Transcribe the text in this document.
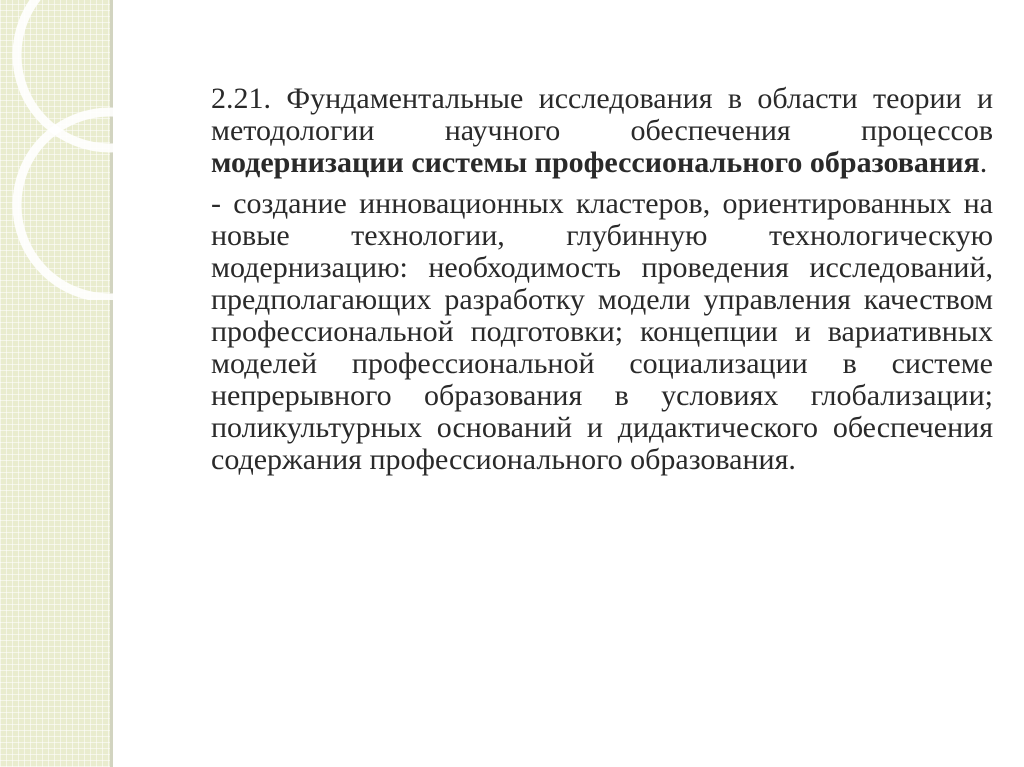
2.21. Фундаментальные исследования в области теории и методологии научного обеспечения процессов модернизации системы профессионального образования.

- создание инновационных кластеров, ориентированных на новые технологии, глубинную технологическую модернизацию: необходимость проведения исследований, предполагающих разработку модели управления качеством профессиональной подготовки; концепции и вариативных моделей профессиональной социализации в системе непрерывного образования в условиях глобализации; поликультурных оснований и дидактического обеспечения содержания профессионального образования.
